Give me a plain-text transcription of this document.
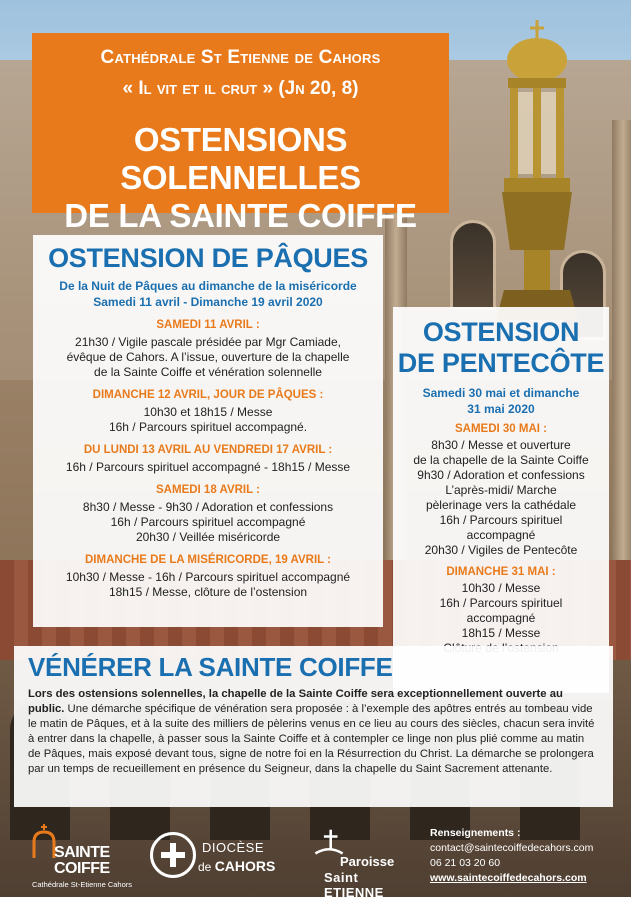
Cathédrale St Etienne de Cahors
« Il vit et il crut » (Jn 20, 8)
OSTENSIONS SOLENNELLES
DE LA SAINTE COIFFE
OSTENSION DE PÂQUES
De la Nuit de Pâques au dimanche de la miséricorde
Samedi 11 avril - Dimanche 19 avril 2020
SAMEDI 11 AVRIL :
21h30 / Vigile pascale présidée par Mgr Camiade,
évêque de Cahors. A l’issue, ouverture de la chapelle
de la Sainte Coiffe et vénération solennelle
DIMANCHE 12 AVRIL, JOUR DE PÂQUES :
10h30 et 18h15 / Messe
16h / Parcours spirituel accompagné.
DU LUNDI 13 AVRIL AU VENDREDI 17 AVRIL :
16h / Parcours spirituel accompagné - 18h15 / Messe
SAMEDI 18 AVRIL :
8h30 / Messe - 9h30 / Adoration et confessions
16h / Parcours spirituel accompagné
20h30 / Veillée miséricorde
DIMANCHE DE LA MISÉRICORDE, 19 AVRIL :
10h30 / Messe - 16h / Parcours spirituel accompagné
18h15 / Messe, clôture de l’ostension
OSTENSION
DE PENTECÔTE
Samedi 30 mai et dimanche
31 mai 2020
SAMEDI 30 MAI :
8h30 / Messe et ouverture
de la chapelle de la Sainte Coiffe
9h30 / Adoration et confessions
L’après-midi/ Marche
pèlerinage vers la cathédale
16h / Parcours spirituel
accompagné
20h30 / Vigiles de Pentecôte
DIMANCHE 31 MAI :
10h30 / Messe
16h / Parcours spirituel
accompagné
18h15 / Messe
VÉNÉRER LA SAINTE COIFFE
Lors des ostensions solennelles, la chapelle de la Sainte Coiffe sera exceptionnellement ouverte au public. Une démarche spécifique de vénération sera proposée : à l’exemple des apôtres entrés au tombeau vide le matin de Pâques, et à la suite des milliers de pèlerins venus en ce lieu au cours des siècles, chacun sera invité à entrer dans la chapelle, à passer sous la Sainte Coiffe et à contempler ce linge non plus plié comme au matin de Pâques, mais exposé devant tous, signe de notre foi en la Résurrection du Christ. La démarche se prolongera par un temps de recueillement en présence du Seigneur, dans la chapelle du Saint Sacrement attenante.
SAINTE
COIFFE
Cathédrale St-Etienne Cahors
DIOCÈSE
de CAHORS	Paroisse
Saint ETIENNE
Renseignements :
contact@saintecoiffedecahors.com
06 21 03 20 60
www.saintecoiffedecahors.com
